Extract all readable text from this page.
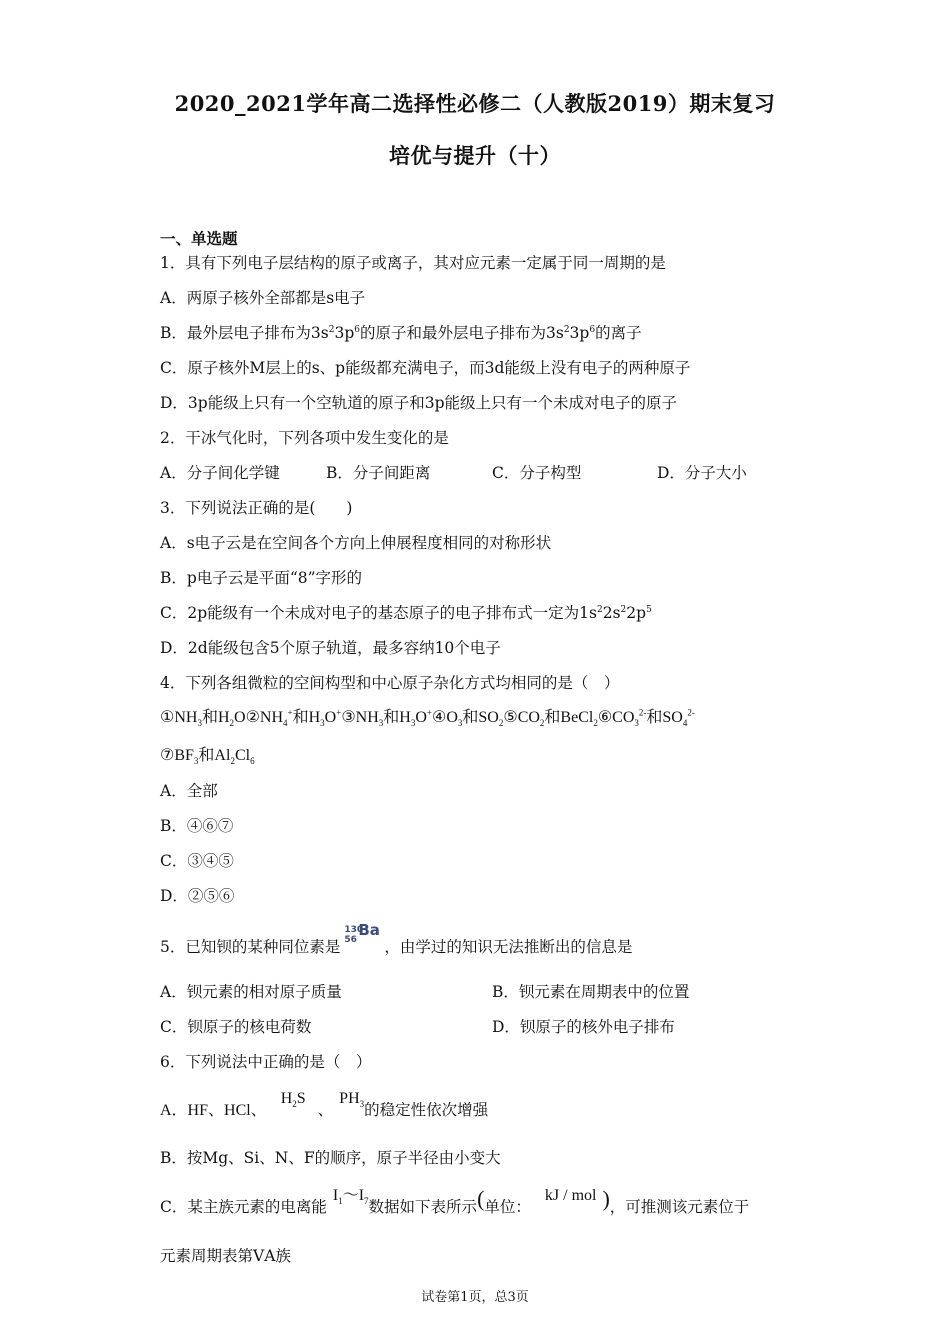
2020_2021学年高二选择性必修二（人教版2019）期末复习
培优与提升（十）
一、单选题
1．具有下列电子层结构的原子或离子，其对应元素一定属于同一周期的是
A．两原子核外全部都是s电子
B．最外层电子排布为$3s^23p^6$的原子和最外层电子排布为$3s^23p^6$的离子
C．原子核外M层上的s、p能级都充满电子，而3d能级上没有电子的两种原子
D．3p能级上只有一个空轨道的原子和3p能级上只有一个未成对电子的原子
2．干冰气化时，下列各项中发生变化的是
A．分子间化学键	B．分子间距离	C．分子构型	D．分子大小
3．下列说法正确的是(　　)
A．s电子云是在空间各个方向上伸展程度相同的对称形状
B．p电子云是平面“8”字形的
C．2p能级有一个未成对电子的基态原子的电子排布式一定为$1s^22s^22p^5$
D．2d能级包含5个原子轨道，最多容纳10个电子
4．下列各组微粒的空间构型和中心原子杂化方式均相同的是（　）
$①NH_3$和$H_2O②NH_4^+$和$H_3O^+③NH_3$和$H_3O^+④O_3$和$SO_2⑤CO_2$和$BeCl_2⑥CO_3^{2-}$和$SO_4^{2-}$
$⑦BF_3$和$Al_2Cl_6$
A．全部
B．④⑥⑦
C．③④⑤
D．②⑤⑥
5．已知钡的某种同位素是
130
56
Ba
，由学过的知识无法推断出的信息是
A．钡元素的相对原子质量	B．钡元素在周期表中的位置
C．钡原子的核电荷数	D．钡原子的核外电子排布
6．下列说法中正确的是（　）
A．HF、HCl、$H_2S$、$PH_3$的稳定性依次增强
B．按Mg、Si、N、F的顺序，原子半径由小变大
C．某主族元素的电离能$I_1\sim I_7$数据如下表所示(单位：kJ / mol )，可推测该元素位于
元素周期表第ⅤA族
试卷第1页，总3页
